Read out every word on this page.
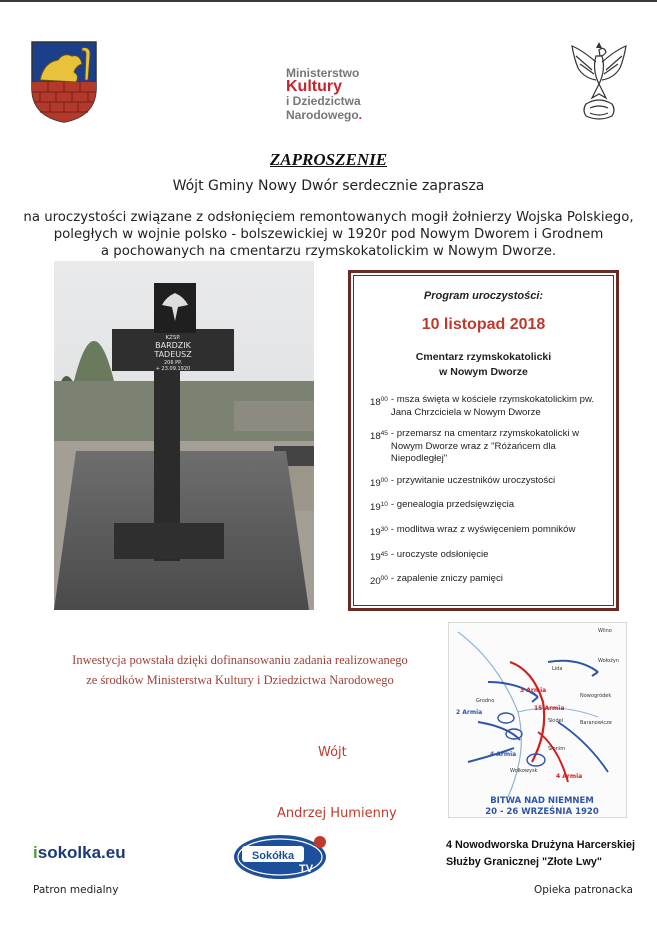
Ministerstwo
Kultury
i Dziedzictwa
Narodowego.
ZAPROSZENIE
Wójt Gminy Nowy Dwór serdecznie zaprasza
na uroczystości związane z odsłonięciem remontowanych mogił żołnierzy Wojska Polskiego,
poległych w wojnie polsko - bolszewickiej w 1920r pod Nowym Dworem i Grodnem
a pochowanych na cmentarzu rzymskokatolickim w Nowym Dworze.
KZSP.
BARDZIK
TADEUSZ
206 PP.
+ 23.09.1920
Program uroczystości:
10 listopad 2018
Cmentarz rzymskokatolicki
w Nowym Dworze
$18^{00}$ - msza święta w kościele rzymskokatolickim pw. Jana Chrzciciela w Nowym Dworze
$18^{45}$ - przemarsz na cmentarz rzymskokatolicki w Nowym Dworze wraz z "Różańcem dla Niepodległej"
$19^{00}$ - przywitanie uczestników uroczystości
$19^{10}$ - genealogia przedsięwzięcia
$19^{30}$ - modlitwa wraz z wyświęceniem pomników
$19^{45}$ - uroczyste odsłonięcie
$20^{00}$ - zapalenie zniczy pamięci
Inwestycja powstała dzięki dofinansowaniu zadania realizowanego
ze środków Ministerstwa Kultury i Dziedzictwa Narodowego
Wójt
Andrzej Humienny
Wilno
Wołożyn
Lida
Grodno
3 Armia
2 Armia
15 Armia
4 Armia
4 Armia
Skidel
Nowogródek
Baranowicze
Wołkowysk
Słonim
BITWA NAD NIEMNEM
20 - 26 WRZEŚNIA 1920
4 Nowodworska Drużyna Harcerskiej
Służby Granicznej "Złote Lwy"
isokolka.eu
Patron medialny
Sokółka
TV
Opieka patronacka
